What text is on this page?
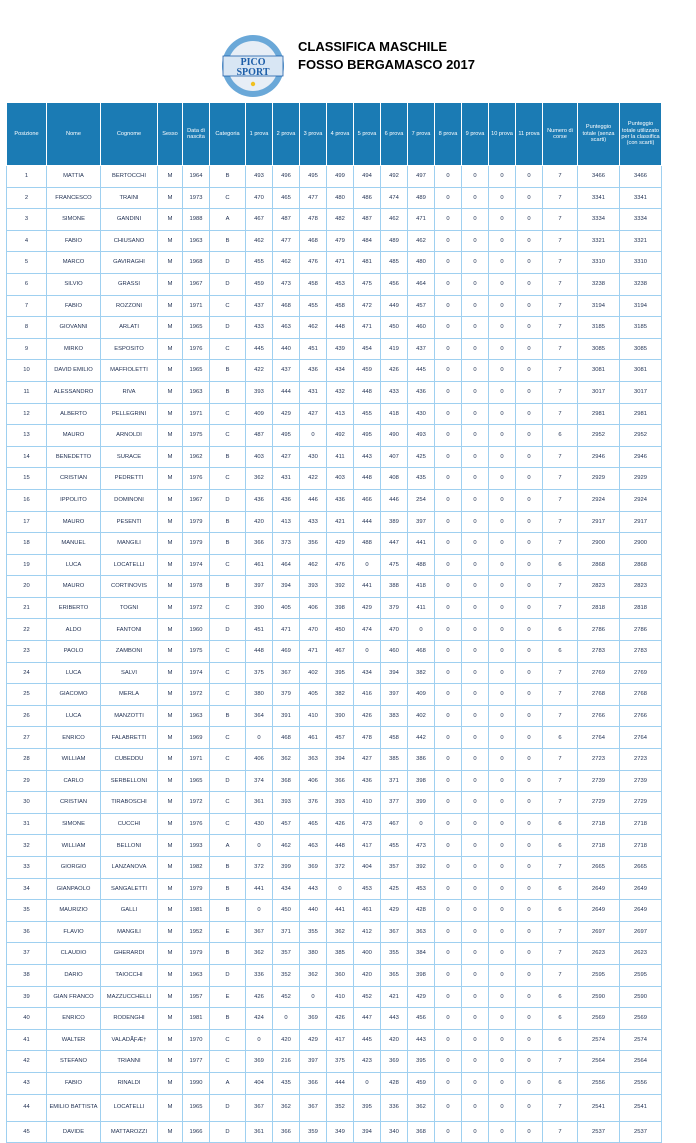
PICO
SPORT
CLASSIFICA MASCHILE
FOSSO BERGAMASCO 2017
Posizione	Nome	Cognome	Sesso	Data di nascita	Categoria	1 prova	2 prova	3 prova	4 prova	5 prova	6 prova	7 prova	8 prova	9 prova	10 prova	11 prova	Numero di corse	Punteggio totale (senza scarti)	Punteggio totale utilizzato per la classifica (con scarti)
1	MATTIA	BERTOCCHI	M	1964	B	493	496	495	499	494	492	497	0	0	0	0	7	3466	3466
2	FRANCESCO	TRAINI	M	1973	C	470	465	477	480	486	474	489	0	0	0	0	7	3341	3341
3	SIMONE	GANDINI	M	1988	A	467	487	478	482	487	462	471	0	0	0	0	7	3334	3334
4	FABIO	CHIUSANO	M	1963	B	462	477	468	479	484	489	462	0	0	0	0	7	3321	3321
5	MARCO	GAVIRAGHI	M	1968	D	455	462	476	471	481	485	480	0	0	0	0	7	3310	3310
6	SILVIO	GRASSI	M	1967	D	459	473	458	453	475	456	464	0	0	0	0	7	3238	3238
7	FABIO	ROZZONI	M	1971	C	437	468	455	458	472	449	457	0	0	0	0	7	3194	3194
8	GIOVANNI	ARLATI	M	1965	D	433	463	462	448	471	450	460	0	0	0	0	7	3185	3185
9	MIRKO	ESPOSITO	M	1976	C	445	440	451	439	454	419	437	0	0	0	0	7	3085	3085
10	DAVID EMILIO	MAFFIOLETTI	M	1965	B	422	437	436	434	459	426	445	0	0	0	0	7	3081	3081
11	ALESSANDRO	RIVA	M	1963	B	393	444	431	432	448	433	436	0	0	0	0	7	3017	3017
12	ALBERTO	PELLEGRINI	M	1971	C	409	429	427	413	455	418	430	0	0	0	0	7	2981	2981
13	MAURO	ARNOLDI	M	1975	C	487	495	0	492	495	490	493	0	0	0	0	6	2952	2952
14	BENEDETTO	SURACE	M	1962	B	403	427	430	411	443	407	425	0	0	0	0	7	2946	2946
15	CRISTIAN	PEDRETTI	M	1976	C	362	431	422	403	448	408	435	0	0	0	0	7	2929	2929
16	IPPOLITO	DOMINONI	M	1967	D	436	436	446	436	466	446	254	0	0	0	0	7	2924	2924
17	MAURO	PESENTI	M	1979	B	420	413	433	421	444	389	397	0	0	0	0	7	2917	2917
18	MANUEL	MANGILI	M	1979	B	366	373	356	429	488	447	441	0	0	0	0	7	2900	2900
19	LUCA	LOCATELLI	M	1974	C	461	464	462	476	0	475	488	0	0	0	0	6	2868	2868
20	MAURO	CORTINOVIS	M	1978	B	397	394	393	392	441	388	418	0	0	0	0	7	2823	2823
21	ERIBERTO	TOGNI	M	1972	C	390	405	406	398	429	379	411	0	0	0	0	7	2818	2818
22	ALDO	FANTONI	M	1960	D	451	471	470	450	474	470	0	0	0	0	0	6	2786	2786
23	PAOLO	ZAMBONI	M	1975	C	448	469	471	467	0	460	468	0	0	0	0	6	2783	2783
24	LUCA	SALVI	M	1974	C	375	367	402	395	434	394	382	0	0	0	0	7	2769	2769
25	GIACOMO	MERLA	M	1972	C	380	379	405	382	416	397	409	0	0	0	0	7	2768	2768
26	LUCA	MANZOTTI	M	1963	B	364	391	410	390	426	383	402	0	0	0	0	7	2766	2766
27	ENRICO	FALABRETTI	M	1969	C	0	468	461	457	478	458	442	0	0	0	0	6	2764	2764
28	WILLIAM	CUBEDDU	M	1971	C	406	362	363	394	427	385	386	0	0	0	0	7	2723	2723
29	CARLO	SERBELLONI	M	1965	D	374	368	406	366	436	371	398	0	0	0	0	7	2739	2739
30	CRISTIAN	TIRABOSCHI	M	1972	C	361	393	376	393	410	377	399	0	0	0	0	7	2729	2729
31	SIMONE	CUCCHI	M	1976	C	430	457	465	426	473	467	0	0	0	0	0	6	2718	2718
32	WILLIAM	BELLONI	M	1993	A	0	462	463	448	417	455	473	0	0	0	0	6	2718	2718
33	GIORGIO	LANZANOVA	M	1982	B	372	399	369	372	404	357	392	0	0	0	0	7	2665	2665
34	GIANPAOLO	SANGALETTI	M	1979	B	441	434	443	0	453	425	453	0	0	0	0	6	2649	2649
35	MAURIZIO	GALLI	M	1981	B	0	450	440	441	461	429	428	0	0	0	0	6	2649	2649
36	FLAVIO	MANGILI	M	1952	E	367	371	355	362	412	367	363	0	0	0	0	7	2697	2697
37	CLAUDIO	GHERARDI	M	1979	B	362	357	380	385	400	355	384	0	0	0	0	7	2623	2623
38	DARIO	TAIOCCHI	M	1963	D	336	352	362	360	420	365	398	0	0	0	0	7	2595	2595
39	GIAN FRANCO	MAZZUCCHELLI	M	1957	E	426	452	0	410	452	421	429	0	0	0	0	6	2590	2590
40	ENRICO	RODENGHI	M	1981	B	424	0	369	426	447	443	456	0	0	0	0	6	2569	2569
41	WALTER	VALADÃƑÆ†	M	1970	C	0	420	429	417	445	420	443	0	0	0	0	6	2574	2574
42	STEFANO	TRIANNI	M	1977	C	369	216	397	375	423	369	395	0	0	0	0	7	2564	2564
43	FABIO	RINALDI	M	1990	A	404	435	366	444	0	428	459	0	0	0	0	6	2556	2556
44	EMILIO BATTISTA	LOCATELLI	M	1965	D	367	362	367	352	395	336	362	0	0	0	0	7	2541	2541
45	DAVIDE	MATTAROZZI	M	1966	D	361	366	359	349	394	340	368	0	0	0	0	7	2537	2537
